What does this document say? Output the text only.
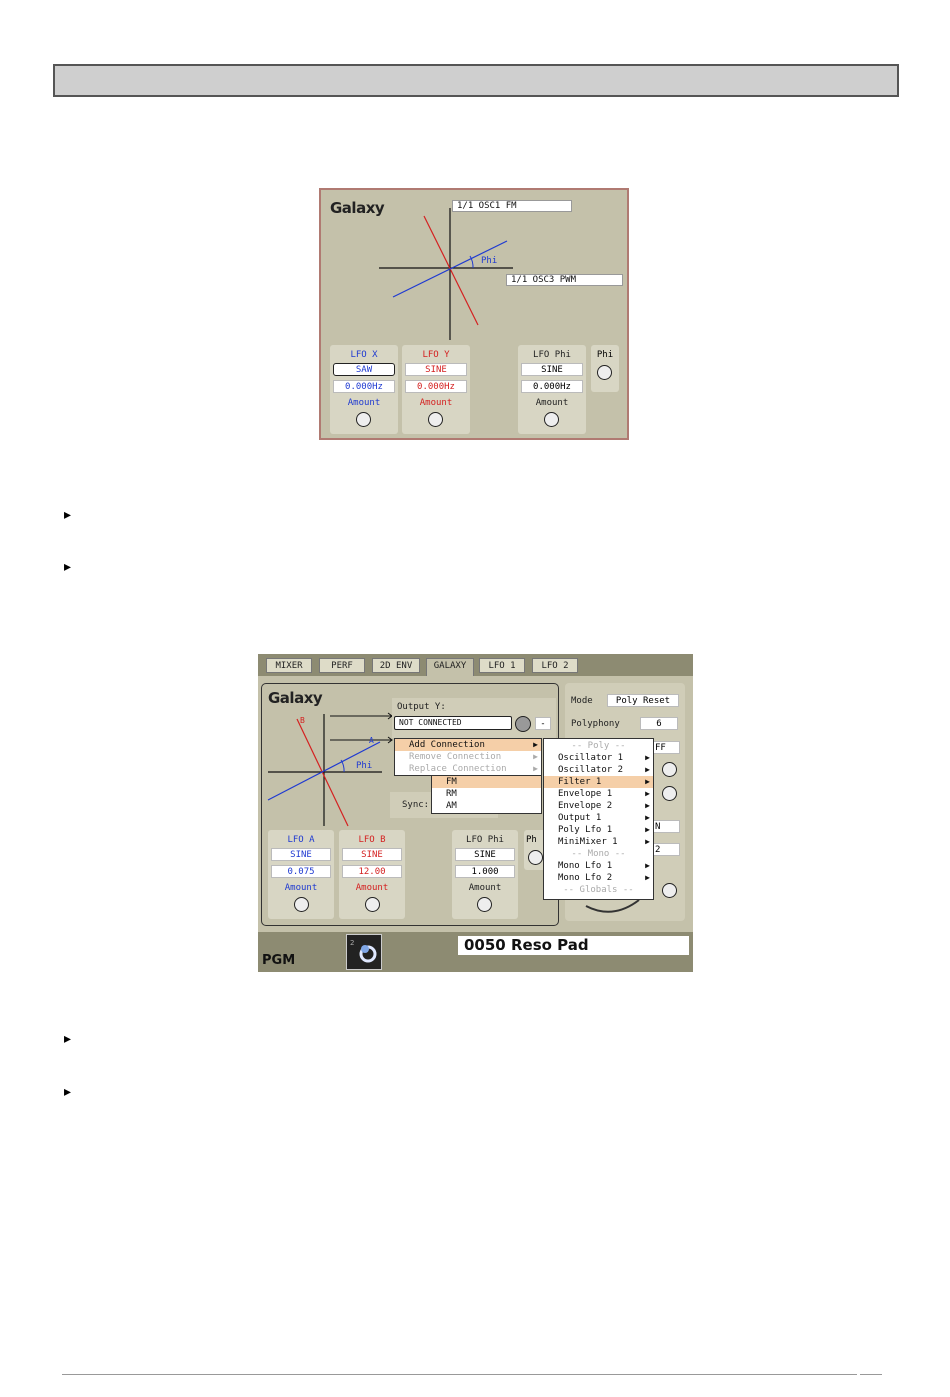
Galaxy	1/1 OSC1 FM
1/1 OSC3 PWM
Phi
LFO X
SAW
0.000Hz
Amount
LFO Y
SINE
0.000Hz
Amount
LFO Phi
SINE
0.000Hz
Amount
Phi
▸
▸
MIXER	PERF	2D ENV	GALAXY	LFO 1	LFO 2
Mode	Poly Reset
Polyphony	6
FF
N
2
Galaxy
B
A
Phi
Output Y:
NOT CONNECTED	-
Sync:
LFO A
SINE
0.075
Amount
LFO B
SINE
12.00
Amount
LFO Phi
SINE
1.000
Amount
Ph
Add Connection	▶
Remove Connection	▶
Replace Connection	▶
FM
RM
AM
-- Poly --
Oscillator 1	▶
Oscillator 2	▶
Filter 1	▶
Envelope 1	▶
Envelope 2	▶
Output 1	▶
Poly Lfo 1	▶
MiniMixer 1	▶
-- Mono --
Mono Lfo 1	▶
Mono Lfo 2	▶
-- Globals --
PGM
2	0050 Reso Pad
▸
▸
